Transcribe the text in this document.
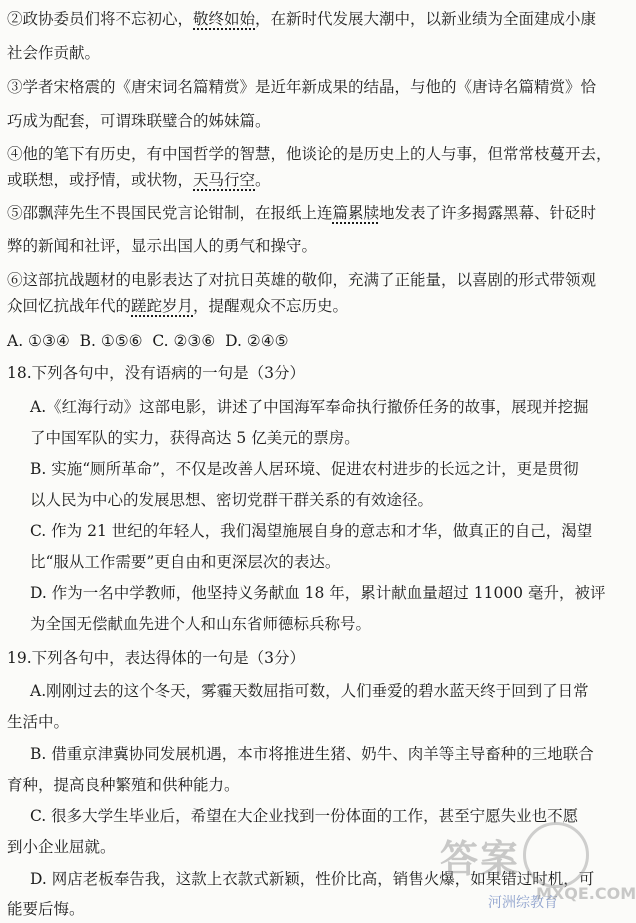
②政协委员们将不忘初心，敬终如始，在新时代发展大潮中，以新业绩为全面建成小康
社会作贡献。
③学者宋格震的《唐宋词名篇精赏》是近年新成果的结晶，与他的《唐诗名篇精赏》恰
巧成为配套，可谓珠联璧合的姊妹篇。
④他的笔下有历史，有中国哲学的智慧，他谈论的是历史上的人与事，但常常枝蔓开去，
或联想，或抒情，或状物，天马行空。
⑤邵飘萍先生不畏国民党言论钳制，在报纸上连篇累牍地发表了许多揭露黑幕、针砭时
弊的新闻和社评，显示出国人的勇气和操守。
⑥这部抗战题材的电影表达了对抗日英雄的敬仰，充满了正能量，以喜剧的形式带领观
众回忆抗战年代的蹉跎岁月，提醒观众不忘历史。
A. ①③④  B. ①⑤⑥  C. ②③⑥  D. ②④⑤
18.下列各句中，没有语病的一句是（3分）
A.《红海行动》这部电影，讲述了中国海军奉命执行撤侨任务的故事，展现并挖掘
了中国军队的实力，获得高达 5 亿美元的票房。
B. 实施“厕所革命”，不仅是改善人居环境、促进农村进步的长远之计，更是贯彻
以人民为中心的发展思想、密切党群干群关系的有效途径。
C. 作为 21 世纪的年轻人，我们渴望施展自身的意志和才华，做真正的自己，渴望
比“服从工作需要”更自由和更深层次的表达。
D. 作为一名中学教师，他坚持义务献血 18 年，累计献血量超过 11000 毫升，被评
为全国无偿献血先进个人和山东省师德标兵称号。
19.下列各句中，表达得体的一句是（3分）
A.刚刚过去的这个冬天，雾霾天数屈指可数，人们垂爱的碧水蓝天终于回到了日常
生活中。
B. 借重京津冀协同发展机遇，本市将推进生猪、奶牛、肉羊等主导畜种的三地联合
育种，提高良种繁殖和供种能力。
C. 很多大学生毕业后，希望在大企业找到一份体面的工作，甚至宁愿失业也不愿
到小企业屈就。
D. 网店老板奉告我，这款上衣款式新颖，性价比高，销售火爆，如果错过时机，可
能要后悔。
答案
河洲综教育
MXQE.COM
